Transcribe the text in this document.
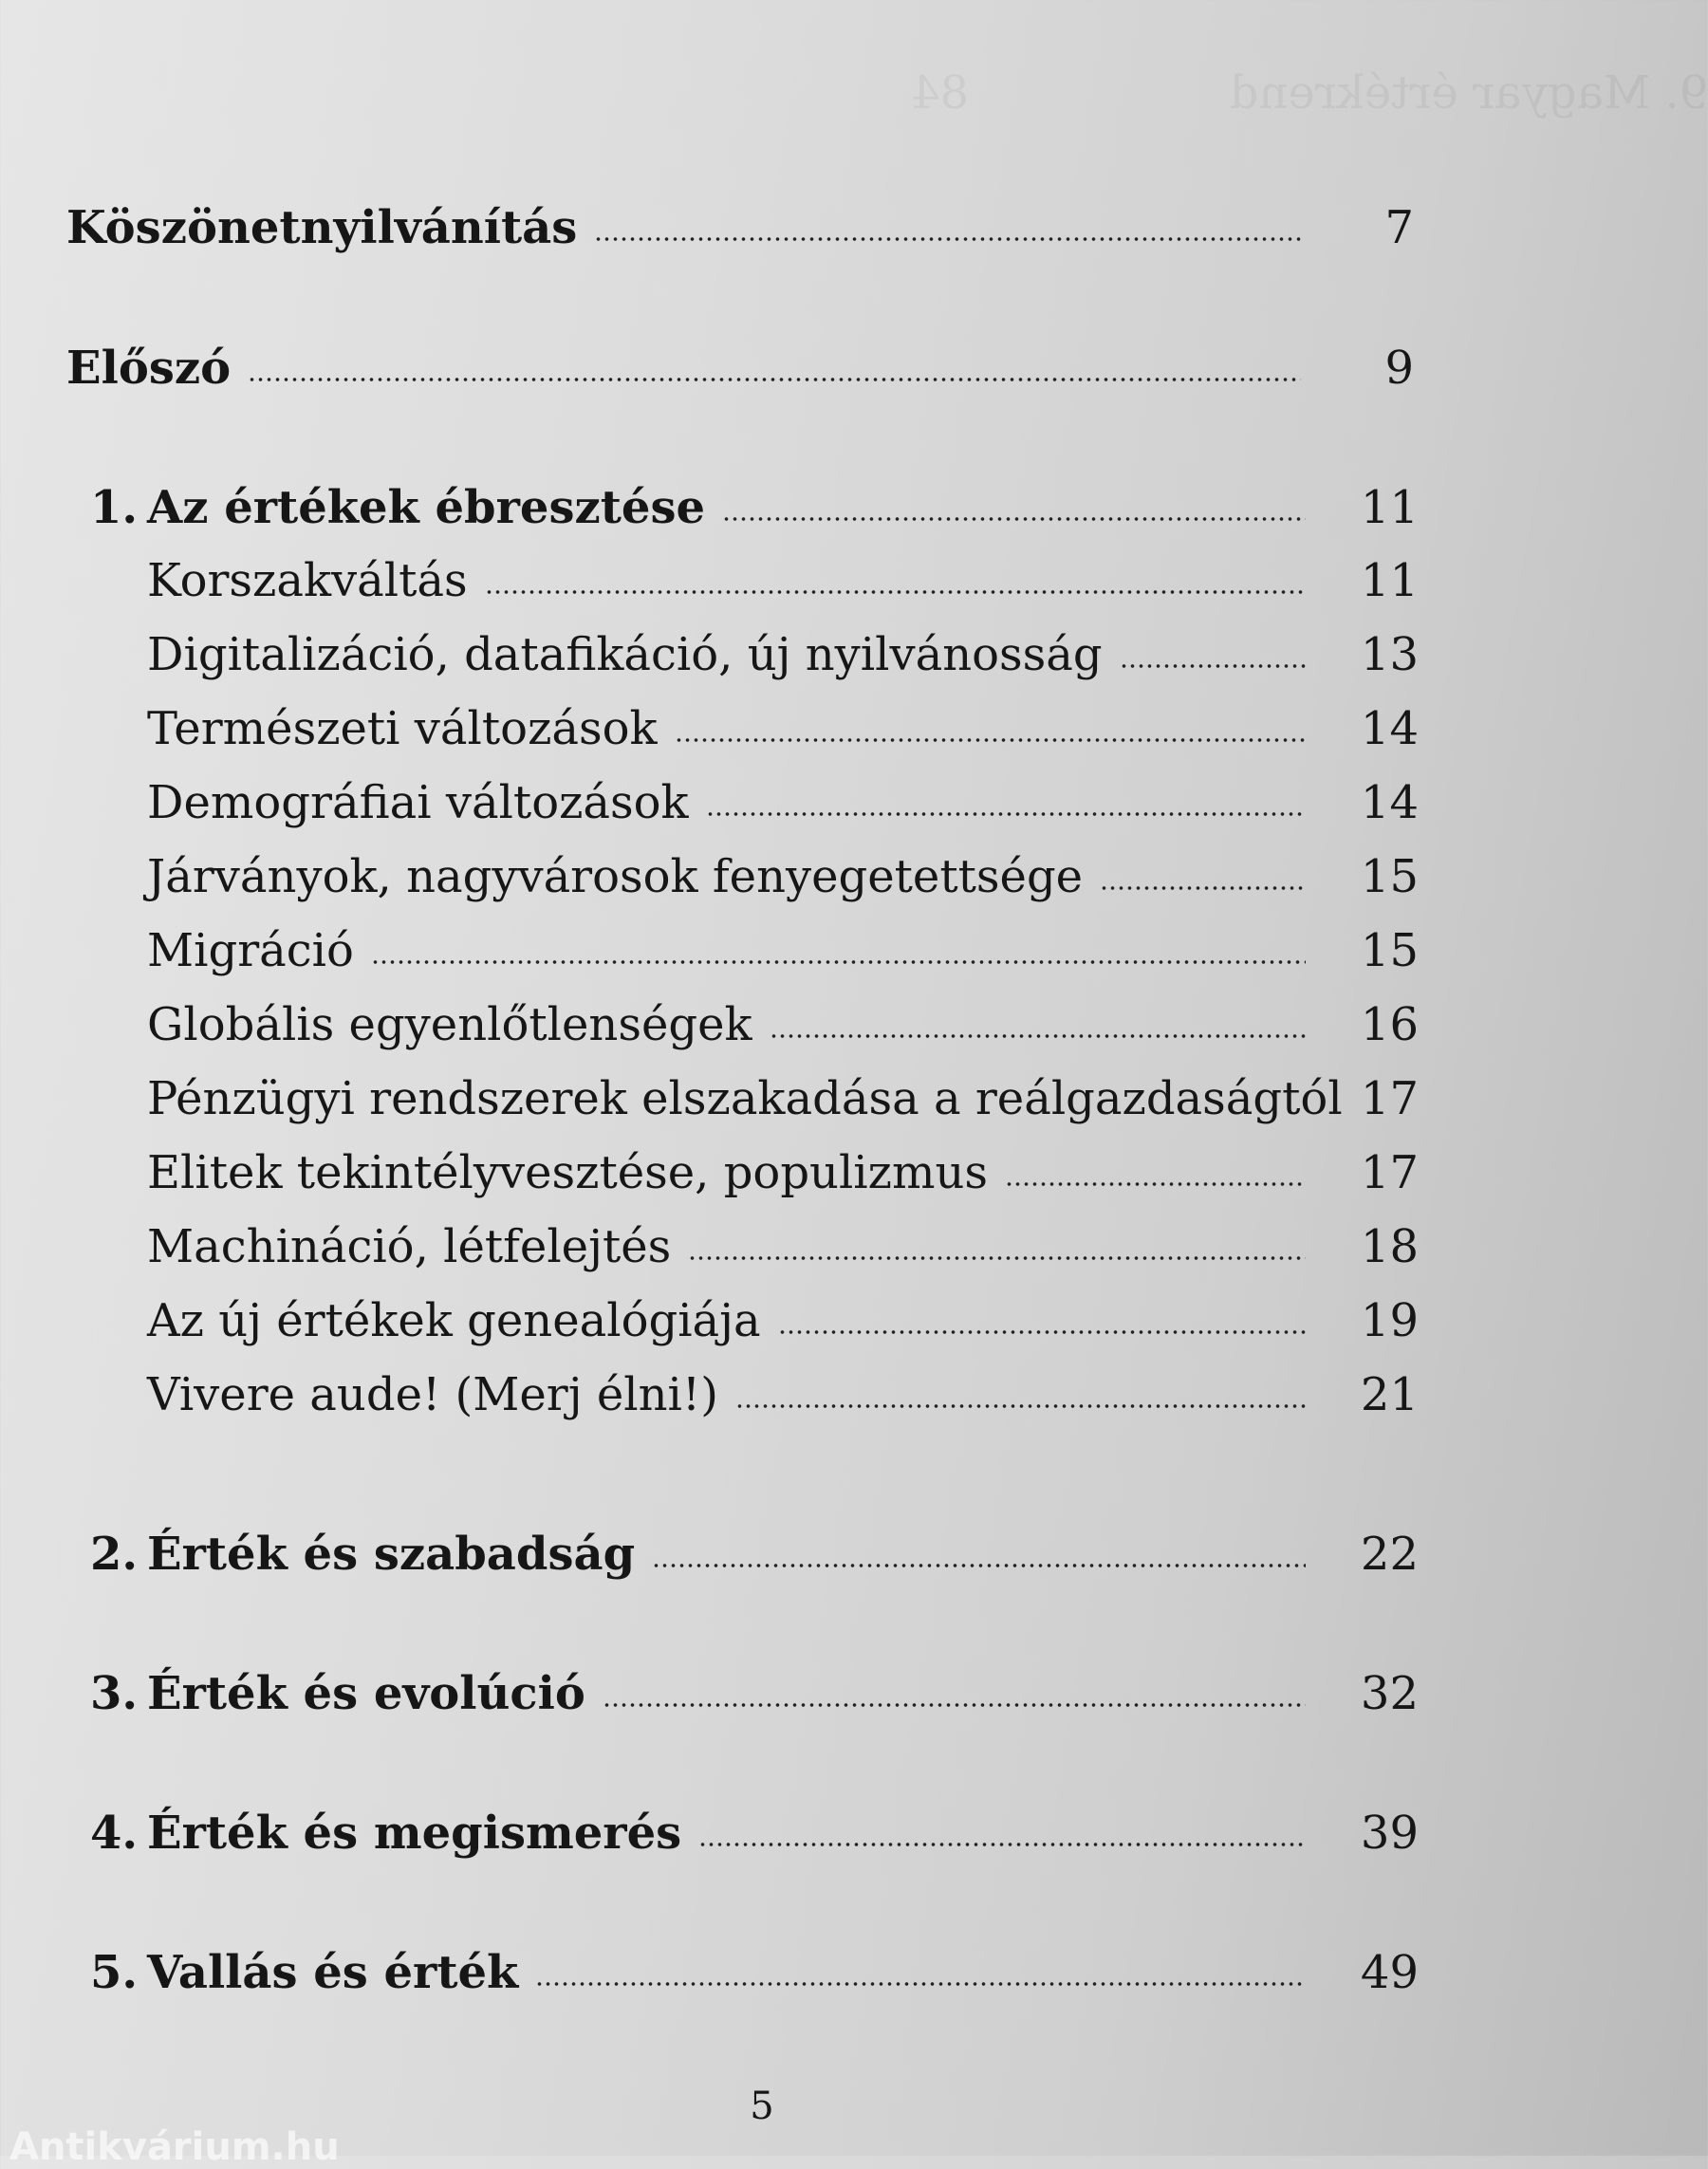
9. Magyar értékrend                  84
Köszönetnyilvánítás	7
Előszó	9
1. Az értékek ébresztése	11
Korszakváltás	11
Digitalizáció, datafikáció, új nyilvánosság	13
Természeti változások	14
Demográfiai változások	14
Járványok, nagyvárosok fenyegetettsége	15
Migráció	15
Globális egyenlőtlenségek	16
Pénzügyi rendszerek elszakadása a reálgazdaságtól 17
Elitek tekintélyvesztése, populizmus	17
Machináció, létfelejtés	18
Az új értékek genealógiája	19
Vivere aude! (Merj élni!)	21
2. Érték és szabadság	22
3. Érték és evolúció	32
4. Érték és megismerés	39
5. Vallás és érték	49
5
Antikvárium.hu
